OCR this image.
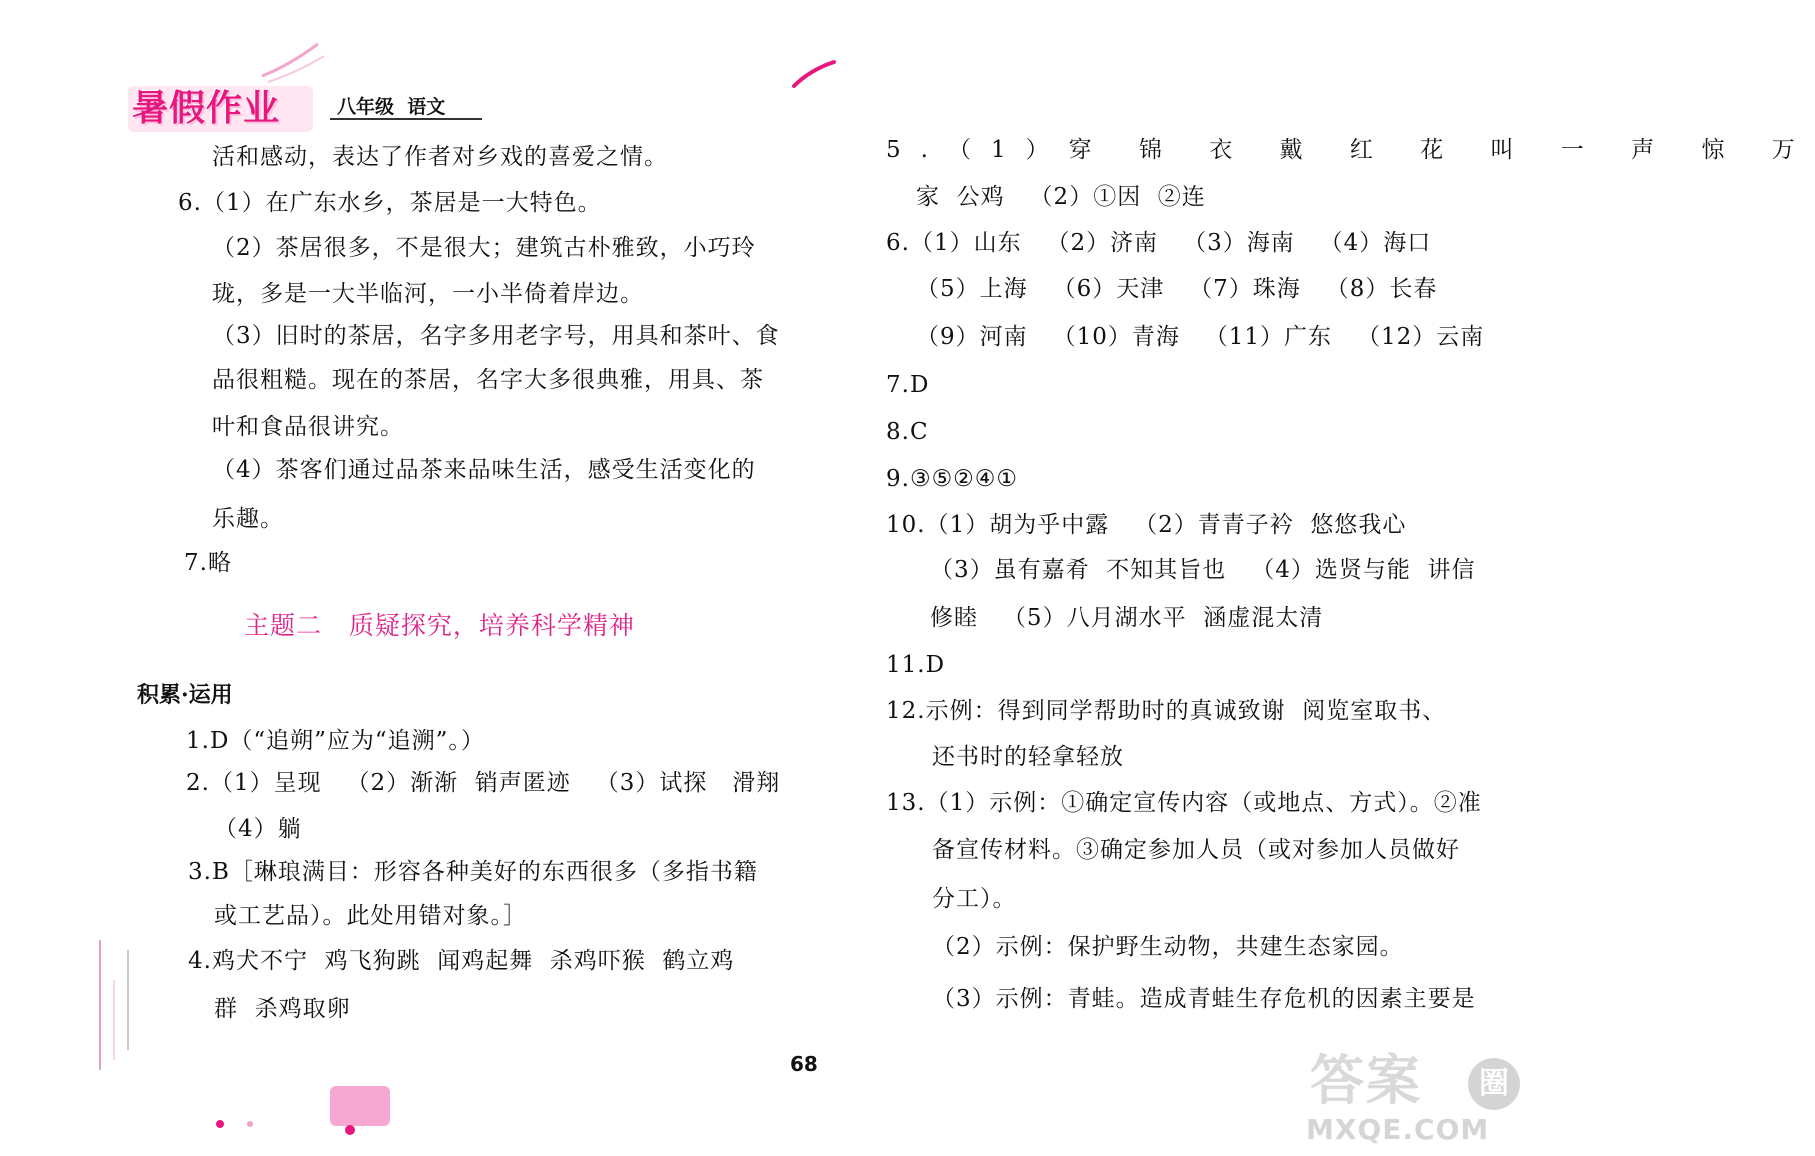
暑假作业	八年级  语文
活和感动，表达了作者对乡戏的喜爱之情。
6.（1）在广东水乡，茶居是一大特色。
（2）茶居很多，不是很大；建筑古朴雅致，小巧玲
珑，多是一大半临河，一小半倚着岸边。
（3）旧时的茶居，名字多用老字号，用具和茶叶、食
品很粗糙。现在的茶居，名字大多很典雅，用具、茶
叶和食品很讲究。
（4）茶客们通过品茶来品味生活，感受生活变化的
乐趣。
7.略
主题二   质疑探究，培养科学精神
积累·运用
1.D（“追朔”应为“追溯”。）
2.（1）呈现   （2）渐渐  销声匿迹   （3）试探   滑翔
（4）躺
3.B［琳琅满目：形容各种美好的东西很多（多指书籍
或工艺品）。此处用错对象。］
4.鸡犬不宁  鸡飞狗跳  闻鸡起舞  杀鸡吓猴  鹤立鸡
群  杀鸡取卵
5.（1）穿 锦 衣 戴 红 花 叫 一 声 惊 万
家  公鸡   （2）①因  ②连
6.（1）山东   （2）济南   （3）海南   （4）海口
（5）上海   （6）天津   （7）珠海   （8）长春
（9）河南   （10）青海   （11）广东   （12）云南
7.D
8.C
9.③⑤②④①
10.（1）胡为乎中露   （2）青青子衿  悠悠我心
（3）虽有嘉肴  不知其旨也   （4）选贤与能  讲信
修睦   （5）八月湖水平  涵虚混太清
11.D
12.示例：得到同学帮助时的真诚致谢  阅览室取书、
还书时的轻拿轻放
13.（1）示例：①确定宣传内容（或地点、方式）。②准
备宣传材料。③确定参加人员（或对参加人员做好
分工）。
（2）示例：保护野生动物，共建生态家园。
（3）示例：青蛙。造成青蛙生存危机的因素主要是
68	答案	圈
MXQE.COM
